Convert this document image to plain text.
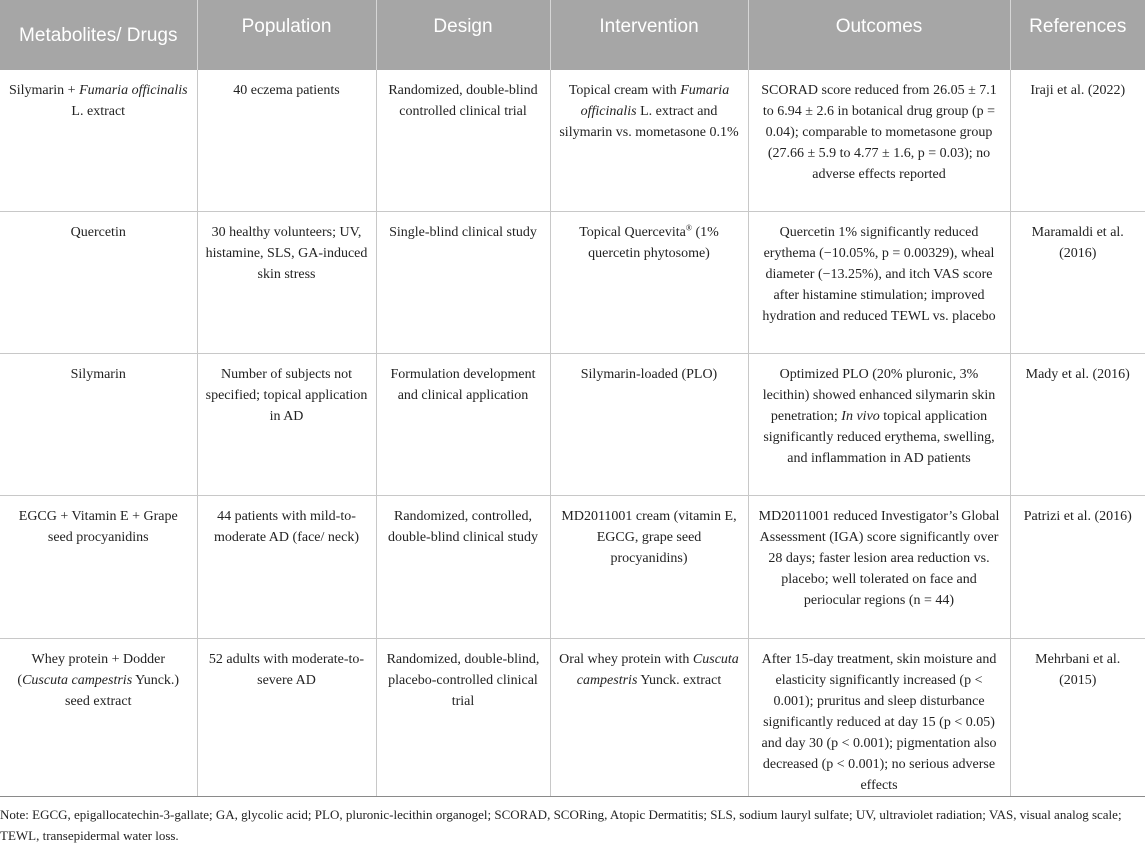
Metabolites/ Drugs	Population	Design	Intervention	Outcomes	References

Silymarin + Fumaria officinalis L. extract	40 eczema patients	Randomized, double-blind controlled clinical trial	Topical cream with Fumaria officinalis L. extract and silymarin vs. mometasone 0.1%	SCORAD score reduced from 26.05 ± 7.1 to 6.94 ± 2.6 in botanical drug group (p = 0.04); comparable to mometasone group (27.66 ± 5.9 to 4.77 ± 1.6, p = 0.03); no adverse effects reported	Iraji et al. (2022)
Quercetin	30 healthy volunteers; UV, histamine, SLS, GA-induced skin stress	Single-blind clinical study	Topical Quercevita® (1% quercetin phytosome)	Quercetin 1% significantly reduced erythema (−10.05%, p = 0.00329), wheal diameter (−13.25%), and itch VAS score after histamine stimulation; improved hydration and reduced TEWL vs. placebo	Maramaldi et al. (2016)
Silymarin	Number of subjects not specified; topical application in AD	Formulation development and clinical application	Silymarin-loaded (PLO)	Optimized PLO (20% pluronic, 3% lecithin) showed enhanced silymarin skin penetration; In vivo topical application significantly reduced erythema, swelling, and inflammation in AD patients	Mady et al. (2016)
EGCG + Vitamin E + Grape seed procyanidins	44 patients with mild-to-moderate AD (face/ neck)	Randomized, controlled, double-blind clinical study	MD2011001 cream (vitamin E, EGCG, grape seed procyanidins)	MD2011001 reduced Investigator’s Global Assessment (IGA) score significantly over 28 days; faster lesion area reduction vs. placebo; well tolerated on face and periocular regions (n = 44)	Patrizi et al. (2016)
Whey protein + Dodder (Cuscuta campestris Yunck.) seed extract	52 adults with moderate-to-severe AD	Randomized, double-blind, placebo-controlled clinical trial	Oral whey protein with Cuscuta campestris Yunck. extract	After 15-day treatment, skin moisture and elasticity significantly increased (p < 0.001); pruritus and sleep disturbance significantly reduced at day 15 (p < 0.05) and day 30 (p < 0.001); pigmentation also decreased (p < 0.001); no serious adverse effects	Mehrbani et al. (2015)
Note: EGCG, epigallocatechin-3-gallate; GA, glycolic acid; PLO, pluronic-lecithin organogel; SCORAD, SCORing, Atopic Dermatitis; SLS, sodium lauryl sulfate; UV, ultraviolet radiation; VAS, visual analog scale; TEWL, transepidermal water loss.
